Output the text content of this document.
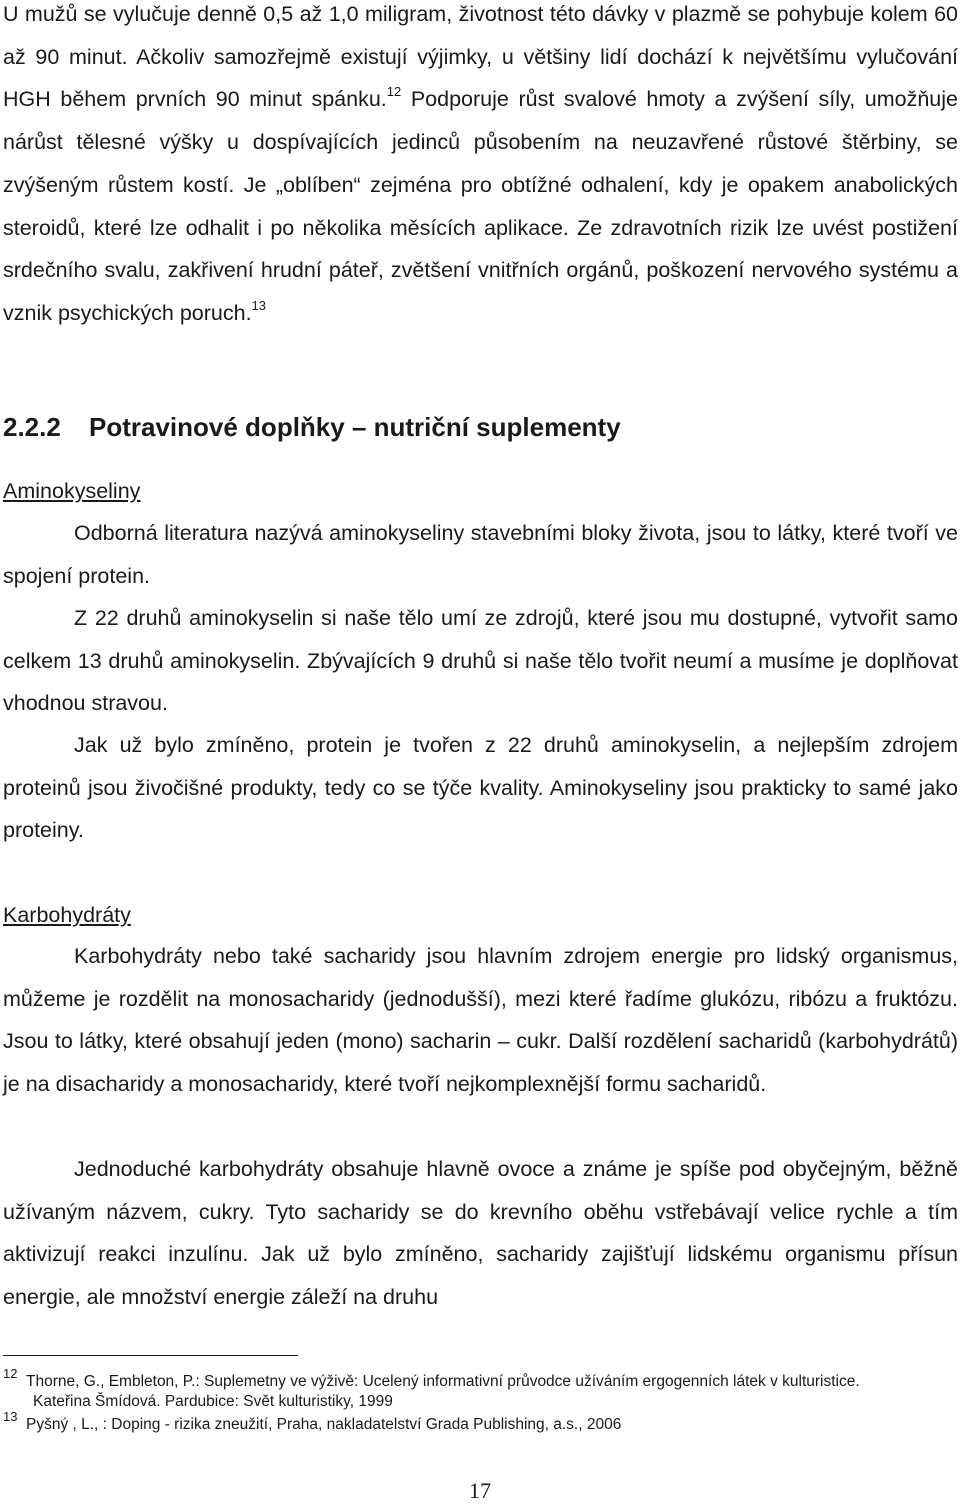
U mužů se vylučuje denně 0,5 až 1,0 miligram, životnost této dávky v plazmě se pohybuje kolem 60 až 90 minut. Ačkoliv samozřejmě existují výjimky, u většiny lidí dochází k největšímu vylučování HGH během prvních 90 minut spánku.$^{12}$ Podporuje růst svalové hmoty a zvýšení síly, umožňuje nárůst tělesné výšky u dospívajících jedinců působením na neuzavřené růstové štěrbiny, se zvýšeným růstem kostí. Je „oblíben“ zejména pro obtížné odhalení, kdy je opakem anabolických steroidů, které lze odhalit i po několika měsících aplikace. Ze zdravotních rizik lze uvést postižení srdečního svalu, zakřivení hrudní páteř, zvětšení vnitřních orgánů, poškození nervového systému a vznik psychických poruch.$^{13}$

2.2.2 Potravinové doplňky – nutriční suplementy

Aminokyseliny

Odborná literatura nazývá aminokyseliny stavebními bloky života, jsou to látky, které tvoří ve spojení protein.

Z 22 druhů aminokyselin si naše tělo umí ze zdrojů, které jsou mu dostupné, vytvořit samo celkem 13 druhů aminokyselin. Zbývajících 9 druhů si naše tělo tvořit neumí a musíme je doplňovat vhodnou stravou.

Jak už bylo zmíněno, protein je tvořen z 22 druhů aminokyselin, a nejlepším zdrojem proteinů jsou živočišné produkty, tedy co se týče kvality. Aminokyseliny jsou prakticky to samé jako proteiny.

Karbohydráty

Karbohydráty nebo také sacharidy jsou hlavním zdrojem energie pro lidský organismus, můžeme je rozdělit na monosacharidy (jednodušší), mezi které řadíme glukózu, ribózu a fruktózu. Jsou to látky, které obsahují jeden (mono) sacharin – cukr. Další rozdělení sacharidů (karbohydrátů) je na disacharidy a monosacharidy, které tvoří nejkomplexnější formu sacharidů.

Jednoduché karbohydráty obsahuje hlavně ovoce a známe je spíše pod obyčejným, běžně užívaným názvem, cukry. Tyto sacharidy se do krevního oběhu vstřebávají velice rychle a tím aktivizují reakci inzulínu. Jak už bylo zmíněno, sacharidy zajišťují lidskému organismu přísun energie, ale množství energie záleží na druhu

12 Thorne, G., Embleton, P.: Suplemetny ve výživě: Ucelený informativní průvodce užíváním ergogenních látek v kulturistice.
Kateřina Šmídová. Pardubice: Svět kulturistiky, 1999
13 Pyšný , L., : Doping - rizika zneužití, Praha, nakladatelství Grada Publishing, a.s., 2006

17
